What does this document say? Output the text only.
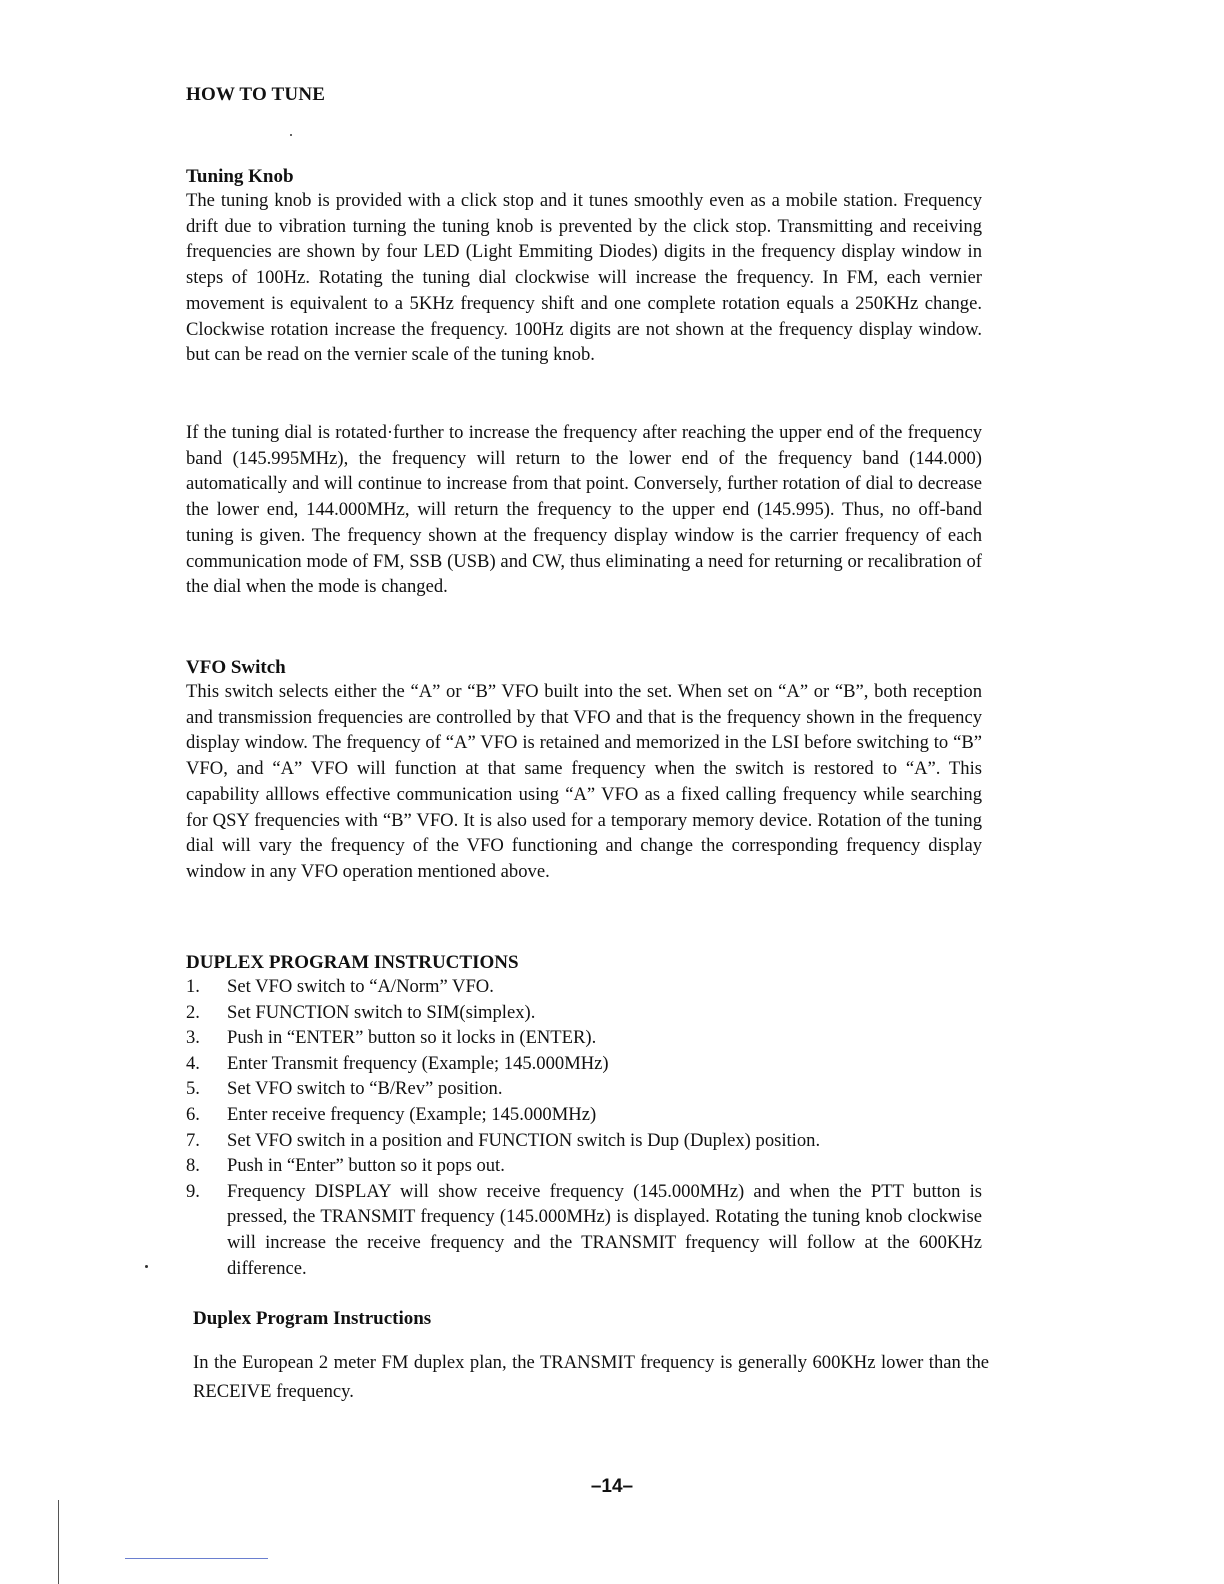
HOW TO TUNE
Tuning Knob

The tuning knob is provided with a click stop and it tunes smoothly even as a mobile station. Frequency drift due to vibration turning the tuning knob is prevented by the click stop. Transmitting and receiving frequencies are shown by four LED (Light Emmiting Diodes) digits in the frequency display window in steps of 100Hz. Rotating the tuning dial clockwise will increase the frequency. In FM, each vernier movement is equivalent to a 5KHz frequency shift and one complete rotation equals a 250KHz change. Clockwise rotation increase the frequency. 100Hz digits are not shown at the frequency display window. but can be read on the vernier scale of the tuning knob.

If the tuning dial is rotated·further to increase the frequency after reaching the upper end of the frequency band (145.995MHz), the frequency will return to the lower end of the frequency band (144.000) automatically and will continue to increase from that point. Conversely, further rotation of dial to decrease the lower end, 144.000MHz, will return the frequency to the upper end (145.995). Thus, no off-band tuning is given. The frequency shown at the frequency display window is the carrier frequency of each communication mode of FM, SSB (USB) and CW, thus eliminating a need for returning or recalibration of the dial when the mode is changed.

VFO Switch

This switch selects either the “A” or “B” VFO built into the set. When set on “A” or “B”, both reception and transmission frequencies are controlled by that VFO and that is the frequency shown in the frequency display window. The frequency of “A” VFO is retained and memorized in the LSI before switching to “B” VFO, and “A” VFO will function at that same frequency when the switch is restored to “A”. This capability alllows effective communication using “A” VFO as a fixed calling frequency while searching for QSY frequencies with “B” VFO. It is also used for a temporary memory device. Rotation of the tuning dial will vary the frequency of the VFO functioning and change the corresponding frequency display window in any VFO operation mentioned above.

DUPLEX PROGRAM INSTRUCTIONS
1. Set VFO switch to “A/Norm” VFO.
2. Set FUNCTION switch to SIM(simplex).
3. Push in “ENTER” button so it locks in (ENTER).
4. Enter Transmit frequency (Example; 145.000MHz)
5. Set VFO switch to “B/Rev” position.
6. Enter receive frequency (Example; 145.000MHz)
7. Set VFO switch in a position and FUNCTION switch is Dup (Duplex) position.
8. Push in “Enter” button so it pops out.
9. Frequency DISPLAY will show receive frequency (145.000MHz) and when the PTT button is pressed, the TRANSMIT frequency (145.000MHz) is displayed. Rotating the tuning knob clockwise will increase the receive frequency and the TRANSMIT frequency will follow at the 600KHz difference.
Duplex Program Instructions

In the European 2 meter FM duplex plan, the TRANSMIT frequency is generally 600KHz lower than the RECEIVE frequency.

–14–
